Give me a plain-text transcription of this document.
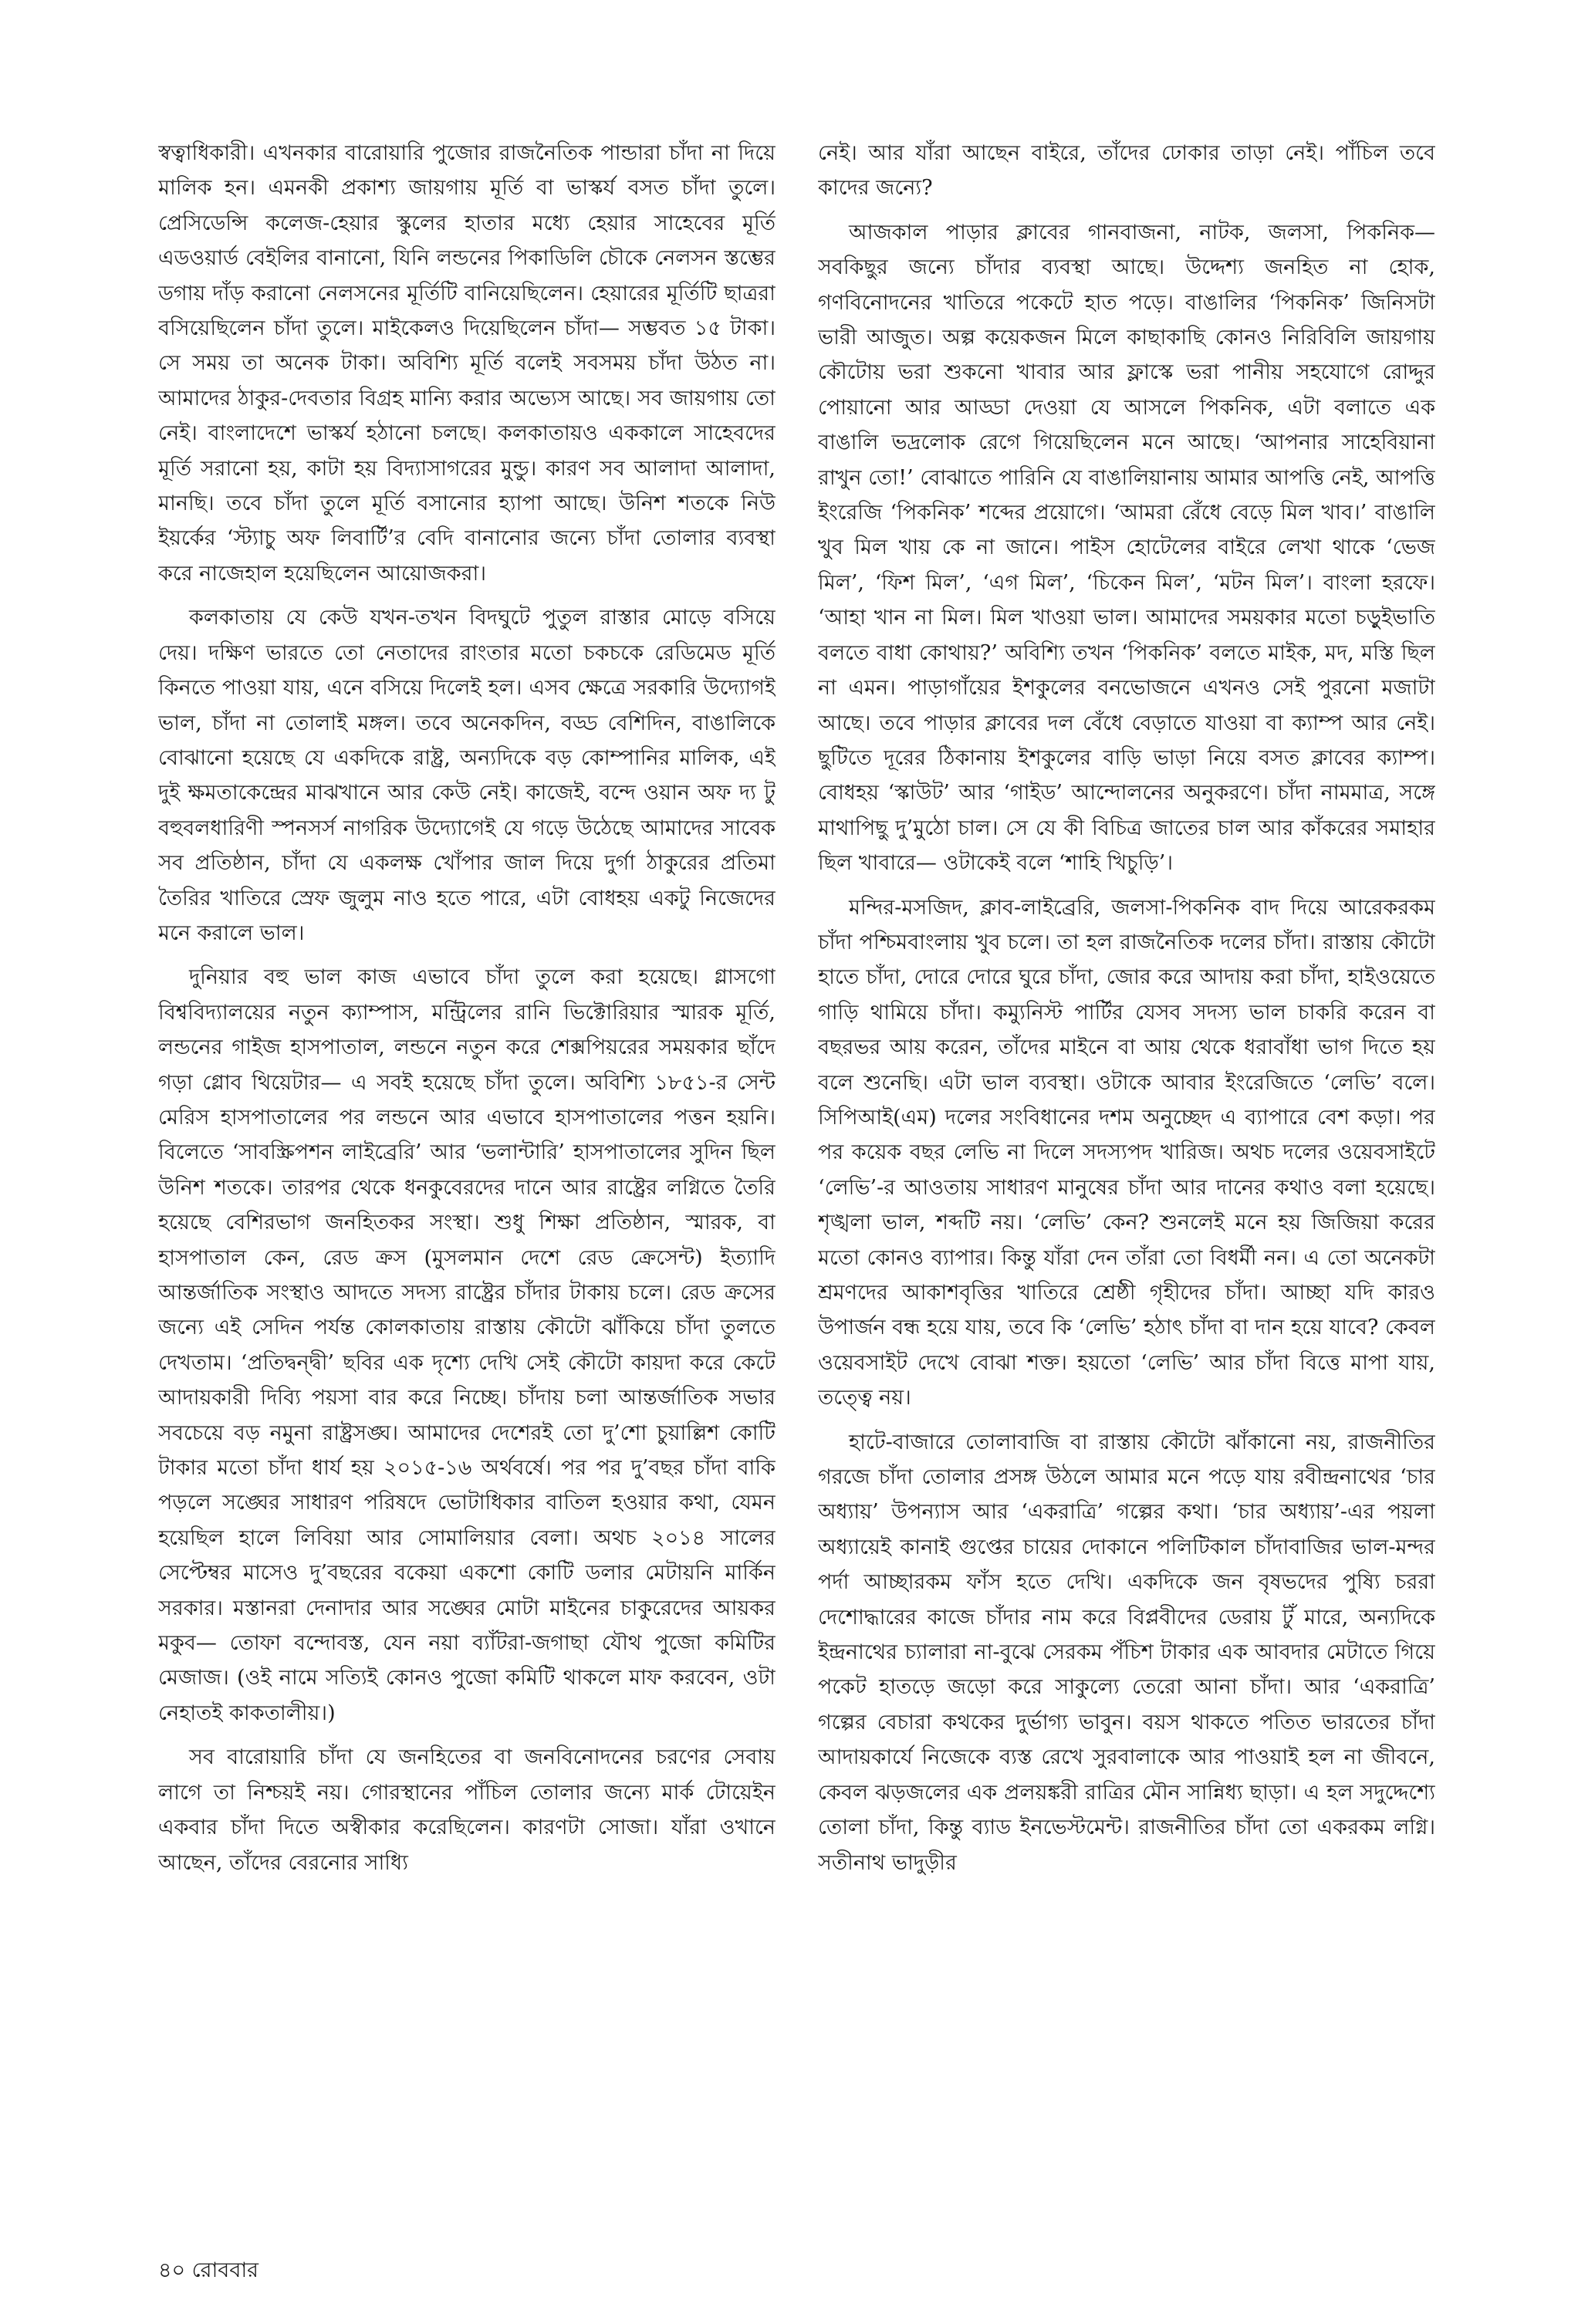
স্বত্বাধিকারী। এখনকার বারোয়ারি পুজোর রাজনৈতিক পান্ডারা চাঁদা না দিয়ে মালিক হন। এমনকী প্রকাশ্য জায়গায় মূর্তি বা ভাস্কর্য বসত চাঁদা তুলে। প্রেসিডেন্সি কলেজ-হেয়ার স্কুলের হাতার মধ্যে হেয়ার সাহেবের মূর্তি এডওয়ার্ড বেইলির বানানো, যিনি লন্ডনের পিকাডিলি চৌকে নেলসন স্তম্ভের ডগায় দাঁড় করানো নেলসনের মূর্তিটি বানিয়েছিলেন। হেয়ারের মূর্তিটি ছাত্ররা বসিয়েছিলেন চাঁদা তুলে। মাইকেলও দিয়েছিলেন চাঁদা— সম্ভবত ১৫ টাকা। সে সময় তা অনেক টাকা। অবিশ্যি মূর্তি বলেই সবসময় চাঁদা উঠত না। আমাদের ঠাকুর-দেবতার বিগ্রহ মান্যি করার অভ্যেস আছে। সব জায়গায় তো নেই। বাংলাদেশে ভাস্কর্য হঠানো চলছে। কলকাতায়ও এককালে সাহেবদের মূর্তি সরানো হয়, কাটা হয় বিদ্যাসাগরের মুন্ডু। কারণ সব আলাদা আলাদা, মানছি। তবে চাঁদা তুলে মূর্তি বসানোর হ্যাপা আছে। উনিশ শতকে নিউ ইয়র্কের ‘স্ট্যাচু অফ লিবার্টি’র বেদি বানানোর জন্যে চাঁদা তোলার ব্যবস্থা করে নাজেহাল হয়েছিলেন আয়োজকরা।

কলকাতায় যে কেউ যখন-তখন বিদঘুটে পুতুল রাস্তার মোড়ে বসিয়ে দেয়। দক্ষিণ ভারতে তো নেতাদের রাংতার মতো চকচকে রেডিমেড মূর্তি কিনতে পাওয়া যায়, এনে বসিয়ে দিলেই হল। এসব ক্ষেত্রে সরকারি উদ্যোগই ভাল, চাঁদা না তোলাই মঙ্গল। তবে অনেকদিন, বড্ড বেশিদিন, বাঙালিকে বোঝানো হয়েছে যে একদিকে রাষ্ট্র, অন্যদিকে বড় কোম্পানির মালিক, এই দুই ক্ষমতাকেন্দ্রের মাঝখানে আর কেউ নেই। কাজেই, বন্দে ওয়ান অফ দ্য টু বহুবলধারিণী স্পনসর্স নাগরিক উদ্যোগেই যে গড়ে উঠেছে আমাদের সাবেক সব প্রতিষ্ঠান, চাঁদা যে একলক্ষ খোঁপার জাল দিয়ে দুর্গা ঠাকুরের প্রতিমা তৈরির খাতিরে স্রেফ জুলুম নাও হতে পারে, এটা বোধহয় একটু নিজেদের মনে করালে ভাল।

দুনিয়ার বহু ভাল কাজ এভাবে চাঁদা তুলে করা হয়েছে। গ্লাসগো বিশ্ববিদ্যালয়ের নতুন ক্যাম্পাস, মন্ট্রিলের রানি ভিক্টোরিয়ার স্মারক মূর্তি, লন্ডনের গাইজ হাসপাতাল, লন্ডনে নতুন করে শেক্সপিয়রের সময়কার ছাঁদে গড়া গ্লোব থিয়েটার— এ সবই হয়েছে চাঁদা তুলে। অবিশ্যি ১৮৫১-র সেন্ট মেরিস হাসপাতালের পর লন্ডনে আর এভাবে হাসপাতালের পত্তন হয়নি। বিলেতে ‘সাবস্ক্রিপশন লাইব্রেরি’ আর ‘ভলান্টারি’ হাসপাতালের সুদিন ছিল উনিশ শতকে। তারপর থেকে ধনকুবেরদের দানে আর রাষ্ট্রের লগ্নিতে তৈরি হয়েছে বেশিরভাগ জনহিতকর সংস্থা। শুধু শিক্ষা প্রতিষ্ঠান, স্মারক, বা হাসপাতাল কেন, রেড ক্রস (মুসলমান দেশে রেড ক্রেসেন্ট) ইত্যাদি আন্তর্জাতিক সংস্থাও আদতে সদস্য রাষ্ট্রের চাঁদার টাকায় চলে। রেড ক্রসের জন্যে এই সেদিন পর্যন্ত কোলকাতায় রাস্তায় কৌটো ঝাঁকিয়ে চাঁদা তুলতে দেখতাম। ‘প্রতিদ্বন্দ্বী’ ছবির এক দৃশ্যে দেখি সেই কৌটো কায়দা করে কেটে আদায়কারী দিব্যি পয়সা বার করে নিচ্ছে। চাঁদায় চলা আন্তর্জাতিক সভার সবচেয়ে বড় নমুনা রাষ্ট্রসঙ্ঘ। আমাদের দেশেরই তো দু’শো চুয়াল্লিশ কোটি টাকার মতো চাঁদা ধার্য হয় ২০১৫-১৬ অর্থবর্ষে। পর পর দু’বছর চাঁদা বাকি পড়লে সঙ্ঘের সাধারণ পরিষদে ভোটাধিকার বাতিল হওয়ার কথা, যেমন হয়েছিল হালে লিবিয়া আর সোমালিয়ার বেলা। অথচ ২০১৪ সালের সেপ্টেম্বর মাসেও দু’বছরের বকেয়া একশো কোটি ডলার মেটায়নি মার্কিন সরকার। মস্তানরা দেনাদার আর সঙ্ঘের মোটা মাইনের চাকুরেদের আয়কর মকুব— তোফা বন্দোবস্ত, যেন নয়া ব্যাঁটরা-জগাছা যৌথ পুজো কমিটির মেজাজ। (ওই নামে সত্যিই কোনও পুজো কমিটি থাকলে মাফ করবেন, ওটা নেহাতই কাকতালীয়।)

সব বারোয়ারি চাঁদা যে জনহিতের বা জনবিনোদনের চরণের সেবায় লাগে তা নিশ্চয়ই নয়। গোরস্থানের পাঁচিল তোলার জন্যে মার্ক টোয়েইন একবার চাঁদা দিতে অস্বীকার করেছিলেন। কারণটা সোজা। যাঁরা ওখানে আছেন, তাঁদের বেরনোর সাধ্যি

নেই। আর যাঁরা আছেন বাইরে, তাঁদের ঢোকার তাড়া নেই। পাঁচিল তবে কাদের জন্যে?

আজকাল পাড়ার ক্লাবের গানবাজনা, নাটক, জলসা, পিকনিক— সবকিছুর জন্যে চাঁদার ব্যবস্থা আছে। উদ্দেশ্য জনহিত না হোক, গণবিনোদনের খাতিরে পকেটে হাত পড়ে। বাঙালির ‘পিকনিক’ জিনিসটা ভারী আজুত। অল্প কয়েকজন মিলে কাছাকাছি কোনও নিরিবিলি জায়গায় কৌটোয় ভরা শুকনো খাবার আর ফ্লাস্কে ভরা পানীয় সহযোগে রোদ্দুর পোয়ানো আর আড্ডা দেওয়া যে আসলে পিকনিক, এটা বলাতে এক বাঙালি ভদ্রলোক রেগে গিয়েছিলেন মনে আছে। ‘আপনার সাহেবিয়ানা রাখুন তো!’ বোঝাতে পারিনি যে বাঙালিয়ানায় আমার আপত্তি নেই, আপত্তি ইংরেজি ‘পিকনিক’ শব্দের প্রয়োগে। ‘আমরা রেঁধে বেড়ে মিল খাব।’ বাঙালি খুব মিল খায় কে না জানে। পাইস হোটেলের বাইরে লেখা থাকে ‘ভেজ মিল’, ‘ফিশ মিল’, ‘এগ মিল’, ‘চিকেন মিল’, ‘মটন মিল’। বাংলা হরফে। ‘আহা খান না মিল। মিল খাওয়া ভাল। আমাদের সময়কার মতো চড়ুইভাতি বলতে বাধা কোথায়?’ অবিশ্যি তখন ‘পিকনিক’ বলতে মাইক, মদ, মস্তি ছিল না এমন। পাড়াগাঁয়ের ইশকুলের বনভোজনে এখনও সেই পুরনো মজাটা আছে। তবে পাড়ার ক্লাবের দল বেঁধে বেড়াতে যাওয়া বা ক্যাম্প আর নেই। ছুটিতে দূরের ঠিকানায় ইশকুলের বাড়ি ভাড়া নিয়ে বসত ক্লাবের ক্যাম্প। বোধহয় ‘স্কাউট’ আর ‘গাইড’ আন্দোলনের অনুকরণে। চাঁদা নামমাত্র, সঙ্গে মাথাপিছু দু’মুঠো চাল। সে যে কী বিচিত্র জাতের চাল আর কাঁকরের সমাহার ছিল খাবারে— ওটাকেই বলে ‘শাহি খিচুড়ি’।

মন্দির-মসজিদ, ক্লাব-লাইব্রেরি, জলসা-পিকনিক বাদ দিয়ে আরেকরকম চাঁদা পশ্চিমবাংলায় খুব চলে। তা হল রাজনৈতিক দলের চাঁদা। রাস্তায় কৌটো হাতে চাঁদা, দোরে দোরে ঘুরে চাঁদা, জোর করে আদায় করা চাঁদা, হাইওয়েতে গাড়ি থামিয়ে চাঁদা। কম্যুনিস্ট পার্টির যেসব সদস্য ভাল চাকরি করেন বা বছরভর আয় করেন, তাঁদের মাইনে বা আয় থেকে ধরাবাঁধা ভাগ দিতে হয় বলে শুনেছি। এটা ভাল ব্যবস্থা। ওটাকে আবার ইংরেজিতে ‘লেভি’ বলে। সিপিআই(এম) দলের সংবিধানের দশম অনুচ্ছেদ এ ব্যাপারে বেশ কড়া। পর পর কয়েক বছর লেভি না দিলে সদস্যপদ খারিজ। অথচ দলের ওয়েবসাইটে ‘লেভি’-র আওতায় সাধারণ মানুষের চাঁদা আর দানের কথাও বলা হয়েছে। শৃঙ্খলা ভাল, শব্দটি নয়। ‘লেভি’ কেন? শুনলেই মনে হয় জিজিয়া করের মতো কোনও ব্যাপার। কিন্তু যাঁরা দেন তাঁরা তো বিধর্মী নন। এ তো অনেকটা শ্রমণদের আকাশবৃত্তির খাতিরে শ্রেষ্ঠী গৃহীদের চাঁদা। আচ্ছা যদি কারও উপার্জন বন্ধ হয়ে যায়, তবে কি ‘লেভি’ হঠাৎ চাঁদা বা দান হয়ে যাবে? কেবল ওয়েবসাইট দেখে বোঝা শক্ত। হয়তো ‘লেভি’ আর চাঁদা বিত্তে মাপা যায়, তত্ত্বে নয়।

হাটে-বাজারে তোলাবাজি বা রাস্তায় কৌটো ঝাঁকানো নয়, রাজনীতির গরজে চাঁদা তোলার প্রসঙ্গ উঠলে আমার মনে পড়ে যায় রবীন্দ্রনাথের ‘চার অধ্যায়’ উপন্যাস আর ‘একরাত্রি’ গল্পের কথা। ‘চার অধ্যায়’-এর পয়লা অধ্যায়েই কানাই গুপ্তের চায়ের দোকানে পলিটিকাল চাঁদাবাজির ভাল-মন্দর পর্দা আচ্ছারকম ফাঁস হতে দেখি। একদিকে জন বৃষভদের পুষ্যি চররা দেশোদ্ধারের কাজে চাঁদার নাম করে বিপ্লবীদের ডেরায় টুঁ মারে, অন্যদিকে ইন্দ্রনাথের চ্যালারা না-বুঝে সেরকম পঁচিশ টাকার এক আবদার মেটাতে গিয়ে পকেট হাতড়ে জড়ো করে সাকুল্যে তেরো আনা চাঁদা। আর ‘একরাত্রি’ গল্পের বেচারা কথকের দুর্ভাগ্য ভাবুন। বয়স থাকতে পতিত ভারতের চাঁদা আদায়কার্যে নিজেকে ব্যস্ত রেখে সুরবালাকে আর পাওয়াই হল না জীবনে, কেবল ঝড়জলের এক প্রলয়ঙ্করী রাত্রির মৌন সান্নিধ্য ছাড়া। এ হল সদুদ্দেশ্যে তোলা চাঁদা, কিন্তু ব্যাড ইনভেস্টমেন্ট। রাজনীতির চাঁদা তো একরকম লগ্নি। সতীনাথ ভাদুড়ীর

৪০ রোববার
